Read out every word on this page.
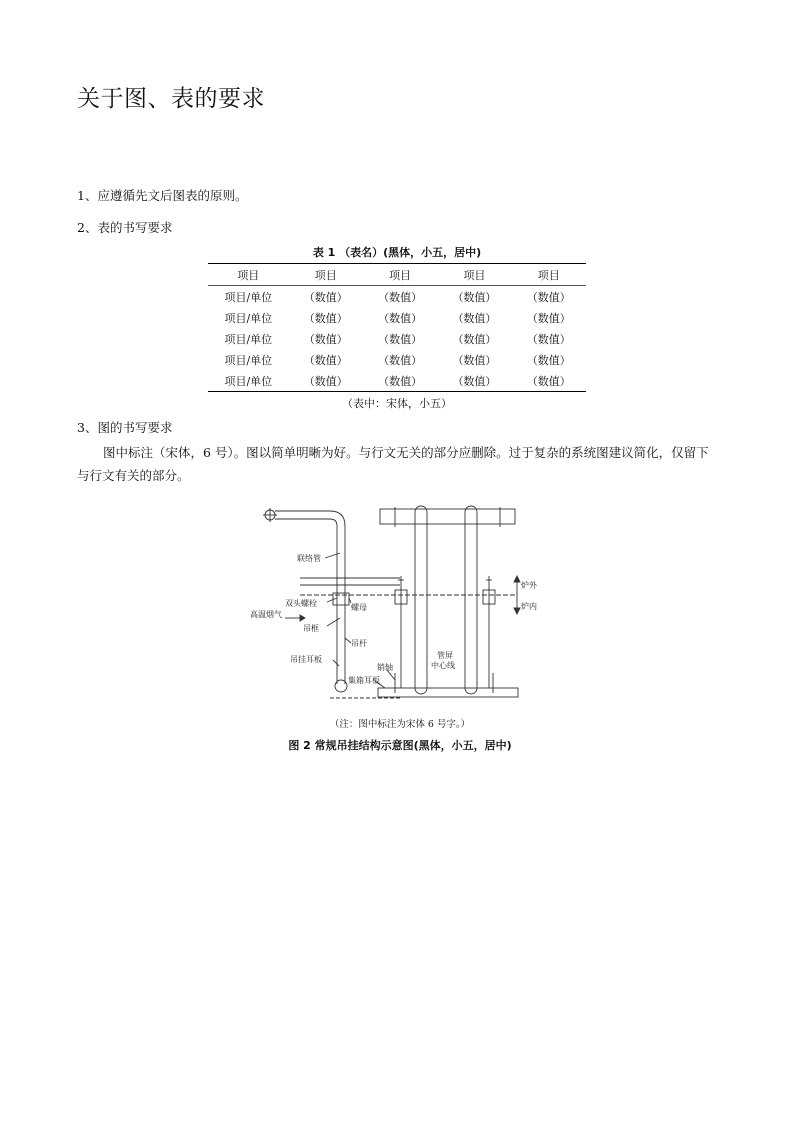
关于图、表的要求
1、应遵循先文后图表的原则。
2、表的书写要求
表 1 （表名）(黑体，小五，居中)
项目	项目	项目	项目	项目
项目/单位	（数值）	（数值）	（数值）	（数值）
项目/单位	（数值）	（数值）	（数值）	（数值）
项目/单位	（数值）	（数值）	（数值）	（数值）
项目/单位	（数值）	（数值）	（数值）	（数值）
项目/单位	（数值）	（数值）	（数值）	（数值）
（表中：宋体，小五）
3、图的书写要求
图中标注（宋体，6 号）。图以简单明晰为好。与行文无关的部分应删除。过于复杂的系统图建议简化，仅留下与行文有关的部分。
联络管
双头螺栓	螺母
高温烟气
吊框
吊杆
吊挂耳板
销轴
集箱耳板
管屏
中心线
炉外
炉内
（注：图中标注为宋体 6 号字。）
图 2 常规吊挂结构示意图(黑体，小五，居中)
